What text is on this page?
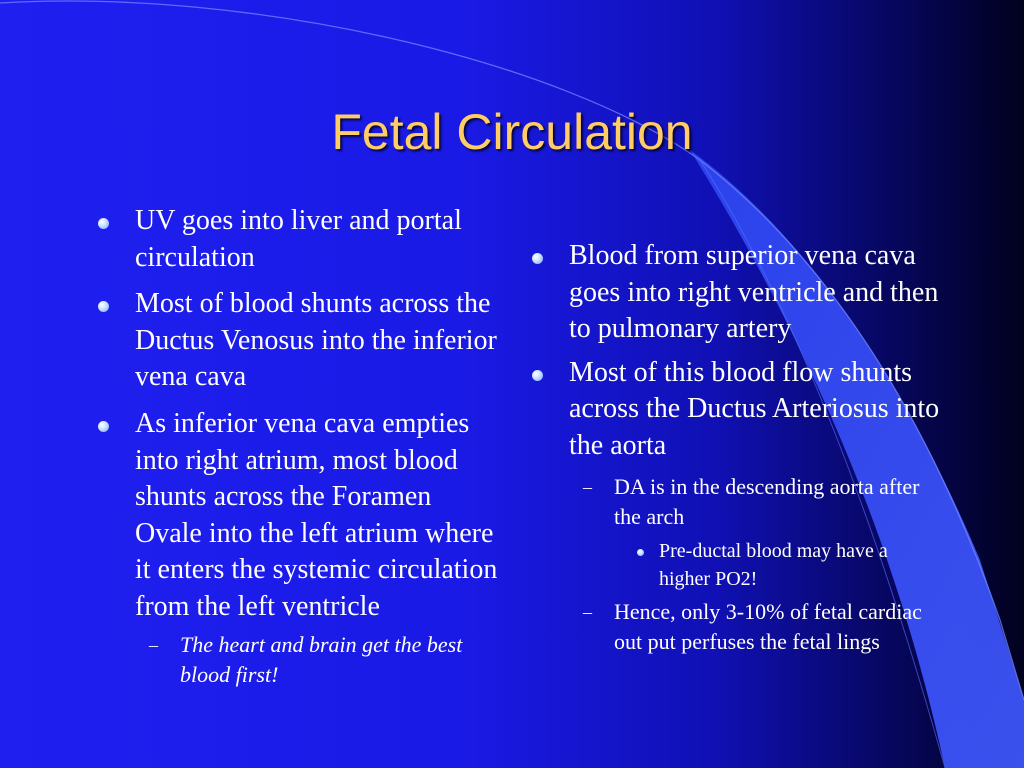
Fetal Circulation
UV goes into liver and portal circulation
Most of blood shunts across the Ductus Venosus into the inferior vena cava
As inferior vena cava empties into right atrium, most blood shunts across the Foramen Ovale into the left atrium where it enters the systemic circulation from the left ventricle
– The heart and brain get the best blood first!
Blood from superior vena cava goes into right ventricle and then to pulmonary artery
Most of this blood flow shunts across the Ductus Arteriosus into the aorta
– DA is in the descending aorta after the arch
Pre-ductal blood may have a higher PO2!
– Hence, only 3-10% of fetal cardiac out put perfuses the fetal lings
